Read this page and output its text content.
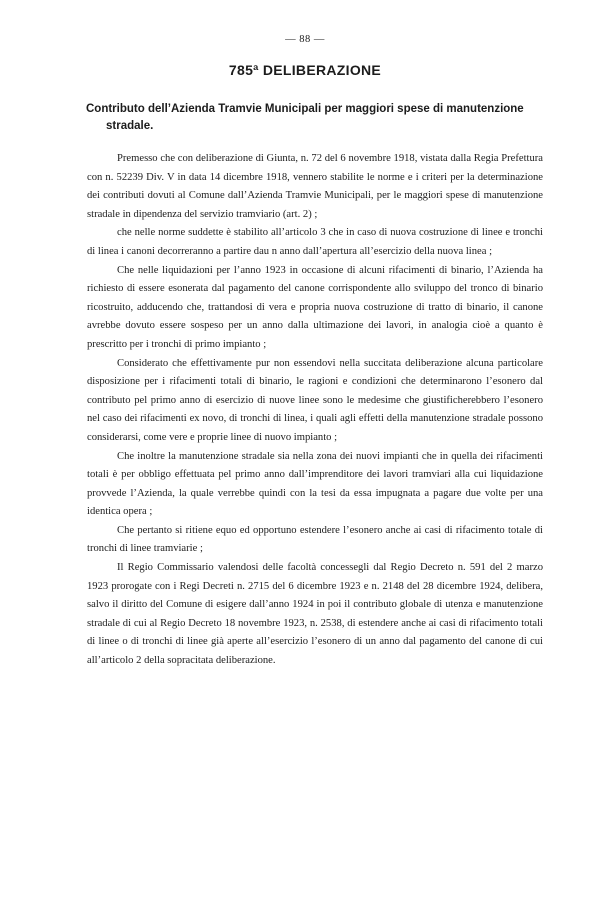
— 88 —
785ª DELIBERAZIONE
Contributo dell’Azienda Tramvie Municipali per maggiori spese di manutenzione
stradale.

Premesso che con deliberazione di Giunta, n. 72 del 6 novembre 1918, vistata dalla Regia Prefettura con n. 52239 Div. V in data 14 dicembre 1918, vennero stabilite le norme e i criteri per la determinazione dei contributi dovuti al Comune dall’Azienda Tramvie Municipali, per le maggiori spese di manutenzione stradale in dipendenza del servizio tramviario (art. 2) ;

che nelle norme suddette è stabilito all’articolo 3 che in caso di nuova costruzione di linee e tronchi di linea i canoni decorreranno a partire dau n anno dall’apertura all’esercizio della nuova linea ;

Che nelle liquidazioni per l’anno 1923 in occasione di alcuni rifacimenti di binario, l’Azienda ha richiesto di essere esonerata dal pagamento del canone corrispondente allo sviluppo del tronco di binario ricostruito, adducendo che, trattandosi di vera e propria nuova costruzione di tratto di binario, il canone avrebbe dovuto essere sospeso per un anno dalla ultimazione dei lavori, in analogia cioè a quanto è prescritto per i tronchi di primo impianto ;

Considerato che effettivamente pur non essendovi nella succitata deliberazione alcuna particolare disposizione per i rifacimenti totali di binario, le ragioni e condizioni che determinarono l’esonero dal contributo pel primo anno di esercizio di nuove linee sono le medesime che giustificherebbero l’esonero nel caso dei rifacimenti ex novo, di tronchi di linea, i quali agli effetti della manutenzione stradale possono considerarsi, come vere e proprie linee di nuovo impianto ;

Che inoltre la manutenzione stradale sia nella zona dei nuovi impianti che in quella dei rifacimenti totali è per obbligo effettuata pel primo anno dall’imprenditore dei lavori tramviari alla cui liquidazione provvede l’Azienda, la quale verrebbe quindi con la tesi da essa impugnata a pagare due volte per una identica opera ;

Che pertanto si ritiene equo ed opportuno estendere l’esonero anche ai casi di rifacimento totale di tronchi di linee tramviarie ;

Il Regio Commissario valendosi delle facoltà concessegli dal Regio Decreto n. 591 del 2 marzo 1923 prorogate con i Regi Decreti n. 2715 del 6 dicembre 1923 e n. 2148 del 28 dicembre 1924, delibera, salvo il diritto del Comune di esigere dall’anno 1924 in poi il contributo globale di utenza e manutenzione stradale di cui al Regio Decreto 18 novembre 1923, n. 2538, di estendere anche ai casi di rifacimento totali di linee o di tronchi di linee già aperte all’esercizio l’esonero di un anno dal pagamento del canone di cui all’articolo 2 della sopracitata deliberazione.
